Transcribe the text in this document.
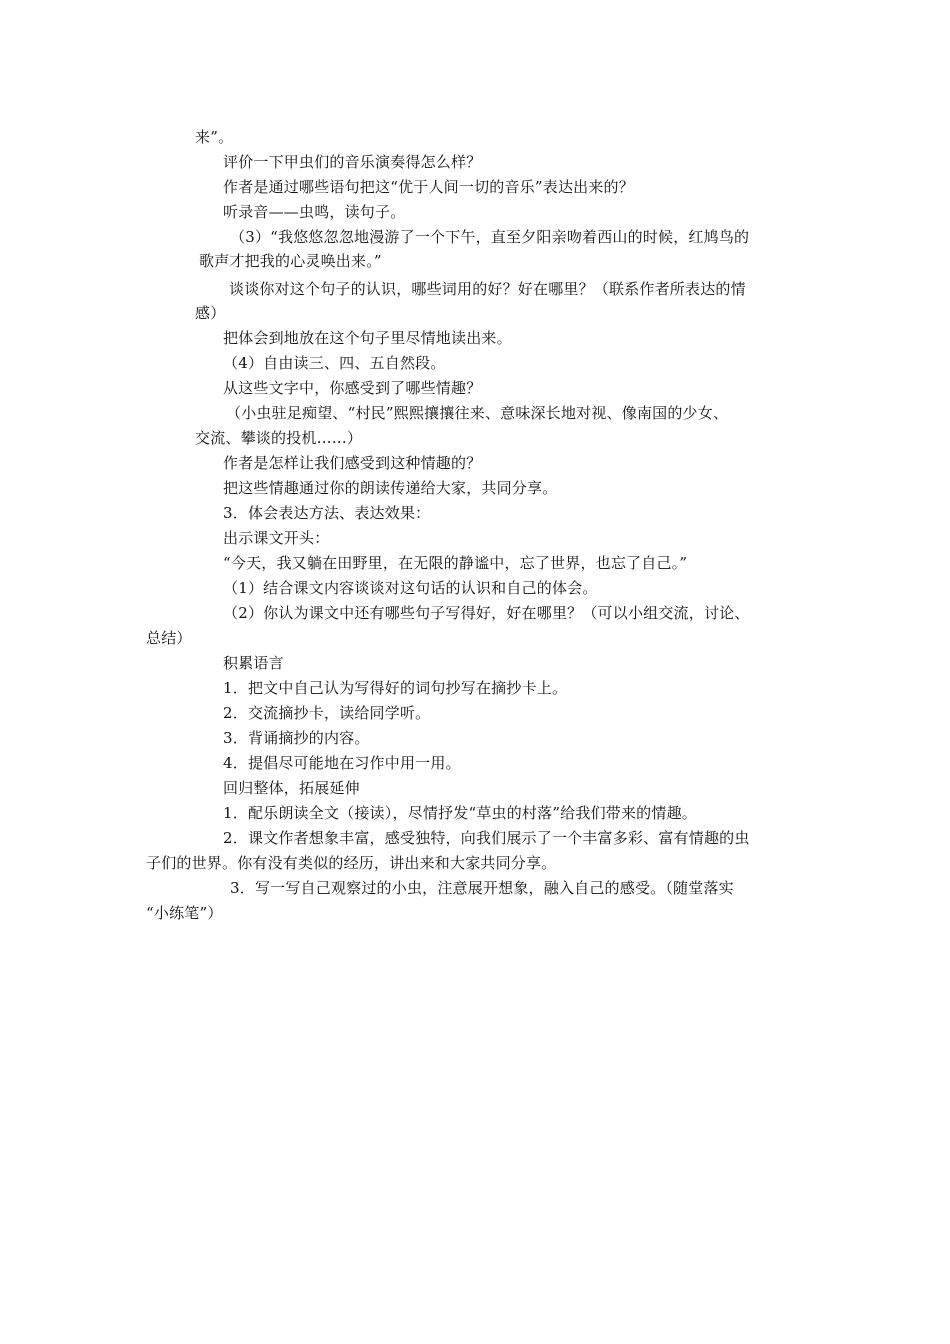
来”。
评价一下甲虫们的音乐演奏得怎么样？
作者是通过哪些语句把这“优于人间一切的音乐”表达出来的？
听录音——虫鸣，读句子。
（3）“我悠悠忽忽地漫游了一个下午，直至夕阳亲吻着西山的时候，红鸠鸟的
歌声才把我的心灵唤出来。”
谈谈你对这个句子的认识，哪些词用的好？好在哪里？（联系作者所表达的情
感）
把体会到地放在这个句子里尽情地读出来。
（4）自由读三、四、五自然段。
从这些文字中，你感受到了哪些情趣？
（小虫驻足痴望、“村民”熙熙攘攘往来、意味深长地对视、像南国的少女、
交流、攀谈的投机……）
作者是怎样让我们感受到这种情趣的？
把这些情趣通过你的朗读传递给大家，共同分享。
3．体会表达方法、表达效果：
出示课文开头：
“今天，我又躺在田野里，在无限的静谧中，忘了世界，也忘了自己。”
（1）结合课文内容谈谈对这句话的认识和自己的体会。
（2）你认为课文中还有哪些句子写得好，好在哪里？（可以小组交流，讨论、
总结）
积累语言
1．把文中自己认为写得好的词句抄写在摘抄卡上。
2．交流摘抄卡，读给同学听。
3．背诵摘抄的内容。
4．提倡尽可能地在习作中用一用。
回归整体，拓展延伸
1．配乐朗读全文（接读），尽情抒发“草虫的村落”给我们带来的情趣。
2．课文作者想象丰富，感受独特，向我们展示了一个丰富多彩、富有情趣的虫
子们的世界。你有没有类似的经历，讲出来和大家共同分享。
3．写一写自己观察过的小虫，注意展开想象，融入自己的感受。（随堂落实
“小练笔”）
